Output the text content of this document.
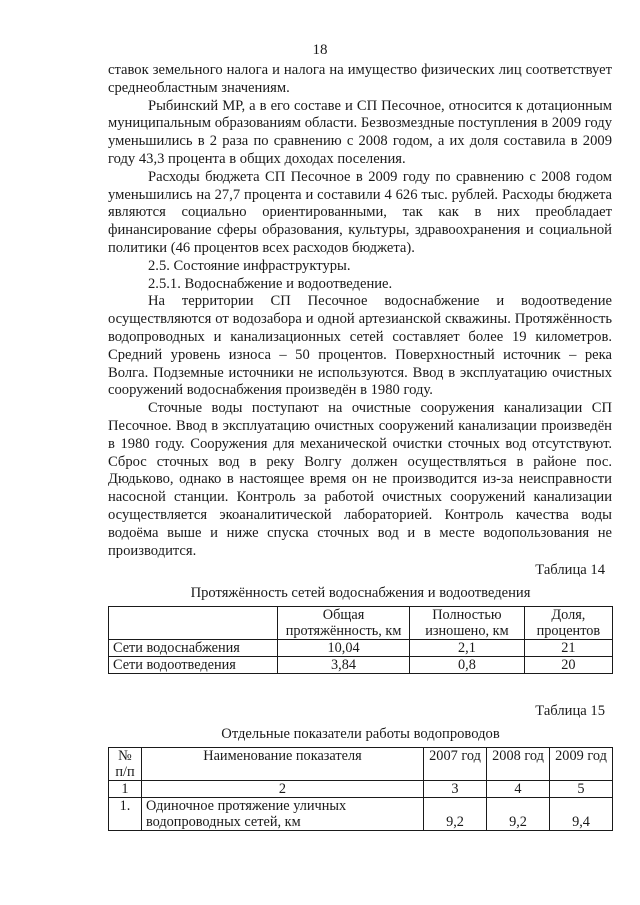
18

ставок земельного налога и налога на имущество физических лиц соответствует среднеобластным значениям.

Рыбинский МР, а в его составе и СП Песочное, относится к дотационным муниципальным образованиям области. Безвозмездные поступления в 2009 году уменьшились в 2 раза по сравнению с 2008 годом, а их доля составила в 2009 году 43,3 процента в общих доходах поселения.

Расходы бюджета СП Песочное в 2009 году по сравнению с 2008 годом уменьшились на 27,7 процента и составили 4 626 тыс. рублей. Расходы бюджета являются социально ориентированными, так как в них преобладает финансирование сферы образования, культуры, здравоохранения и социальной политики (46 процентов всех расходов бюджета).

2.5. Состояние инфраструктуры.

2.5.1. Водоснабжение и водоотведение.

На территории СП Песочное водоснабжение и водоотведение осуществляются от водозабора и одной артезианской скважины. Протяжённость водопроводных и канализационных сетей составляет более 19 километров. Средний уровень износа – 50 процентов. Поверхностный источник – река Волга. Подземные источники не используются. Ввод в эксплуатацию очистных сооружений водоснабжения произведён в 1980 году.

Сточные воды поступают на очистные сооружения канализации СП Песочное. Ввод в эксплуатацию очистных сооружений канализации произведён в 1980 году. Сооружения для механической очистки сточных вод отсутствуют. Сброс сточных вод в реку Волгу должен осуществляться в районе пос. Дюдьково, однако в настоящее время он не производится из-за неисправности насосной станции. Контроль за работой очистных сооружений канализации осуществляется экоаналитической лабораторией. Контроль качества воды водоёма выше и ниже спуска сточных вод и в месте водопользования не производится.

Таблица 14
Протяжённость сетей водоснабжения и водоотведения
	Общая протяжённость, км	Полностью изношено, км	Доля, процентов
Сети водоснабжения	10,04	2,1	21
Сети водоотведения	3,84	0,8	20
Таблица 15
Отдельные показатели работы водопроводов
№ п/п	Наименование показателя	2007 год	2008 год	2009 год
1	2	3	4	5
1.	Одиночное протяжение уличных водопроводных сетей, км	9,2	9,2	9,4
